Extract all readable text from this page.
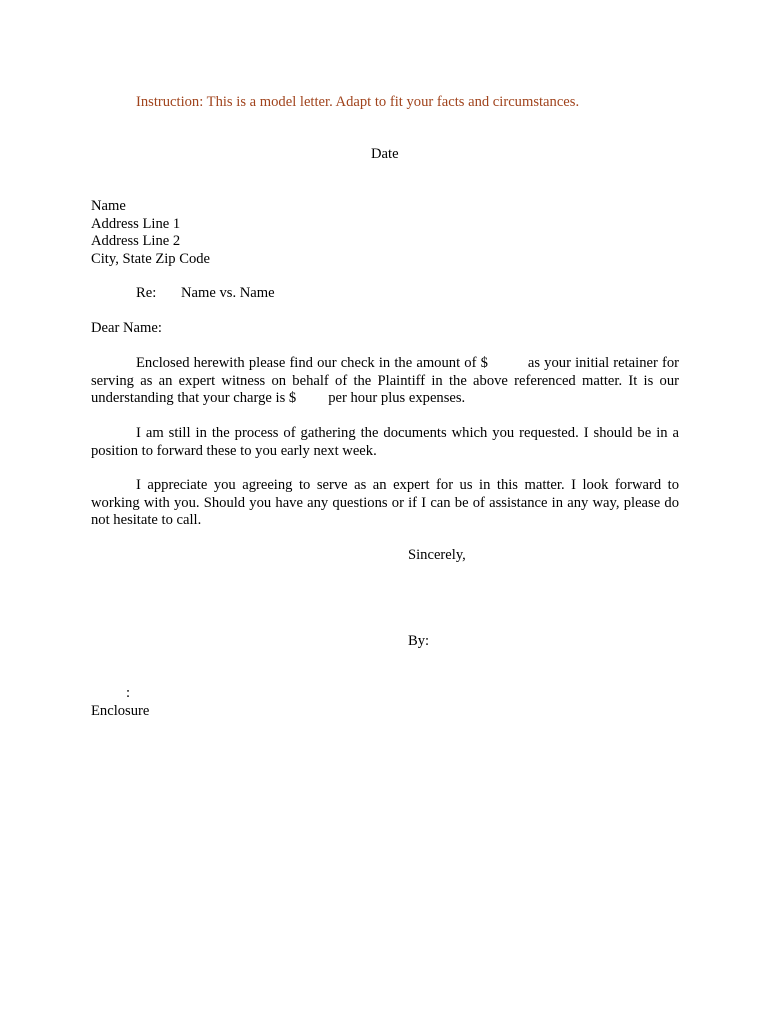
Instruction: This is a model letter. Adapt to fit your facts and circumstances.
Date
Name
Address Line 1
Address Line 2
City, State Zip Code
Re: Name vs. Name
Dear Name:
Enclosed herewith please find our check in the amount of $	as your initial retainer for
serving as an expert witness on behalf of the Plaintiff in the above referenced matter. It is our
understanding that your charge is $ per hour plus expenses.
I am still in the process of gathering the documents which you requested. I should be in a
position to forward these to you early next week.
I appreciate you agreeing to serve as an expert for us in this matter. I look forward to
working with you. Should you have any questions or if I can be of assistance in any way, please do
not hesitate to call.
Sincerely,
By:
:
Enclosure
